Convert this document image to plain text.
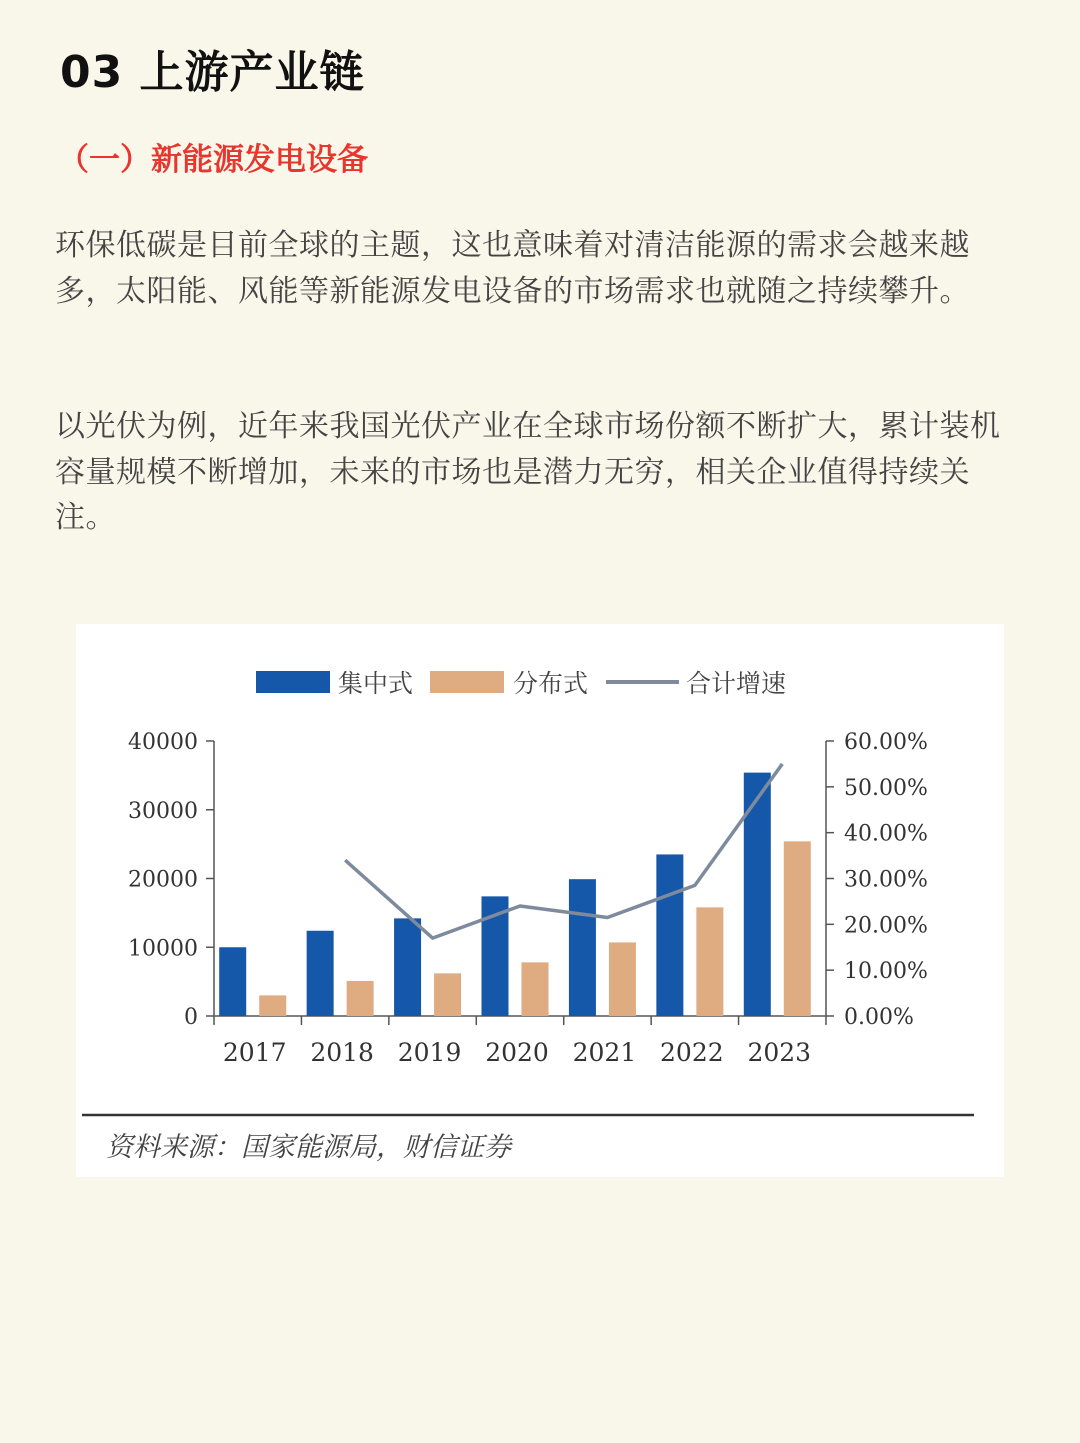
03 上游产业链
（一）新能源发电设备
环保低碳是目前全球的主题，这也意味着对清洁能源的需求会越来越多，太阳能、风能等新能源发电设备的市场需求也就随之持续攀升。
以光伏为例，近年来我国光伏产业在全球市场份额不断扩大，累计装机容量规模不断增加，未来的市场也是潜力无穷，相关企业值得持续关注。
0
10000
20000
30000
40000
0.00%
10.00%
20.00%
30.00%
40.00%
50.00%
60.00%
2017 2018 2019 2020 2021 2022 2023
集中式	分布式	合计增速
资料来源：国家能源局，财信证券
